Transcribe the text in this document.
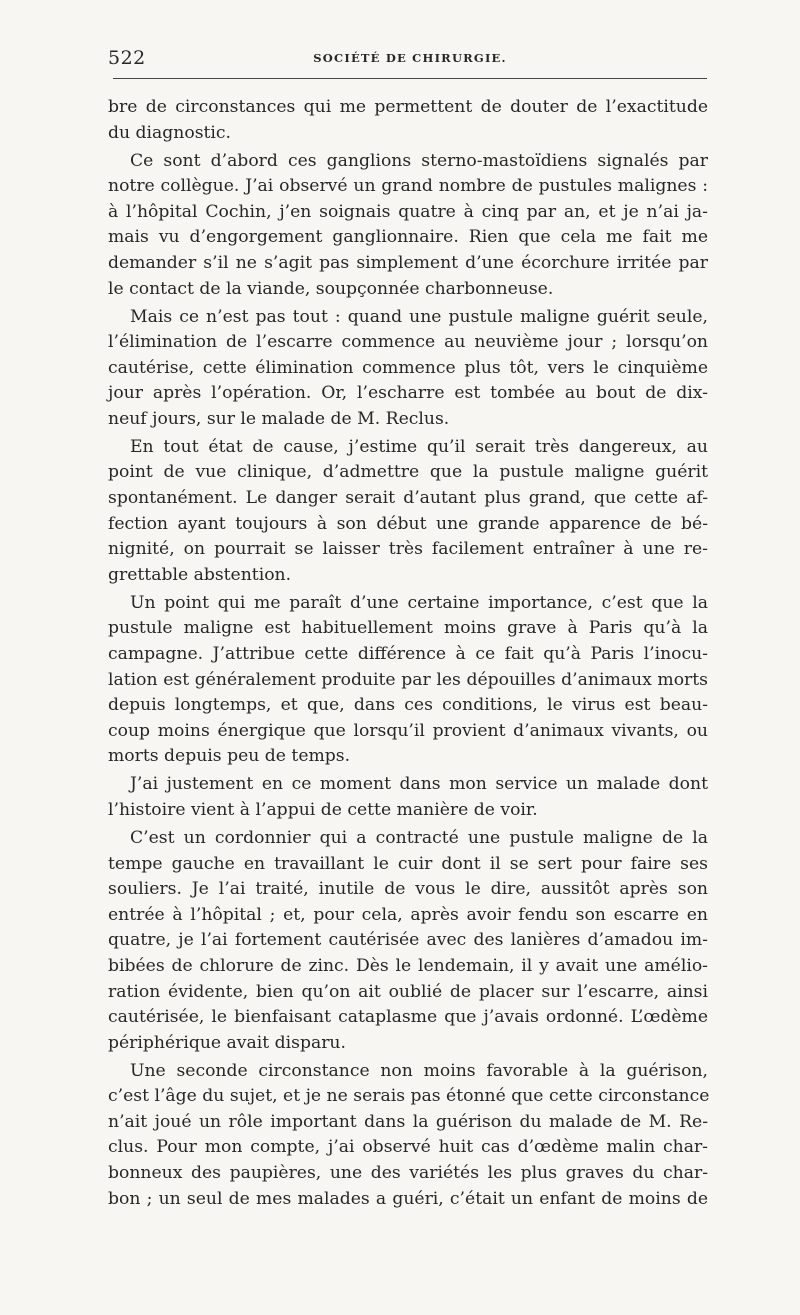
522	SOCIÉTÉ DE CHIRURGIE.
bre de circonstances qui me permettent de douter de l’exactitude
du diagnostic.
Ce sont d’abord ces ganglions sterno-mastoïdiens signalés par
notre collègue. J’ai observé un grand nombre de pustules malignes :
à l’hôpital Cochin, j’en soignais quatre à cinq par an, et je n’ai ja-
mais vu d’engorgement ganglionnaire. Rien que cela me fait me
demander s’il ne s’agit pas simplement d’une écorchure irritée par
le contact de la viande, soupçonnée charbonneuse.
Mais ce n’est pas tout : quand une pustule maligne guérit seule,
l’élimination de l’escarre commence au neuvième jour ; lorsqu’on
cautérise, cette élimination commence plus tôt, vers le cinquième
jour après l’opération. Or, l’escharre est tombée au bout de dix-
neuf jours, sur le malade de M. Reclus.
En tout état de cause, j’estime qu’il serait très dangereux, au
point de vue clinique, d’admettre que la pustule maligne guérit
spontanément. Le danger serait d’autant plus grand, que cette af-
fection ayant toujours à son début une grande apparence de bé-
nignité, on pourrait se laisser très facilement entraîner à une re-
grettable abstention.
Un point qui me paraît d’une certaine importance, c’est que la
pustule maligne est habituellement moins grave à Paris qu’à la
campagne. J’attribue cette différence à ce fait qu’à Paris l’inocu-
lation est généralement produite par les dépouilles d’animaux morts
depuis longtemps, et que, dans ces conditions, le virus est beau-
coup moins énergique que lorsqu’il provient d’animaux vivants, ou
morts depuis peu de temps.
J’ai justement en ce moment dans mon service un malade dont
l’histoire vient à l’appui de cette manière de voir.
C’est un cordonnier qui a contracté une pustule maligne de la
tempe gauche en travaillant le cuir dont il se sert pour faire ses
souliers. Je l’ai traité, inutile de vous le dire, aussitôt après son
entrée à l’hôpital ; et, pour cela, après avoir fendu son escarre en
quatre, je l’ai fortement cautérisée avec des lanières d’amadou im-
bibées de chlorure de zinc. Dès le lendemain, il y avait une amélio-
ration évidente, bien qu’on ait oublié de placer sur l’escarre, ainsi
cautérisée, le bienfaisant cataplasme que j’avais ordonné. L’œdème
périphérique avait disparu.
Une seconde circonstance non moins favorable à la guérison,
c’est l’âge du sujet, et je ne serais pas étonné que cette circonstance
n’ait joué un rôle important dans la guérison du malade de M. Re-
clus. Pour mon compte, j’ai observé huit cas d’œdème malin char-
bonneux des paupières, une des variétés les plus graves du char-
bon ; un seul de mes malades a guéri, c’était un enfant de moins de
